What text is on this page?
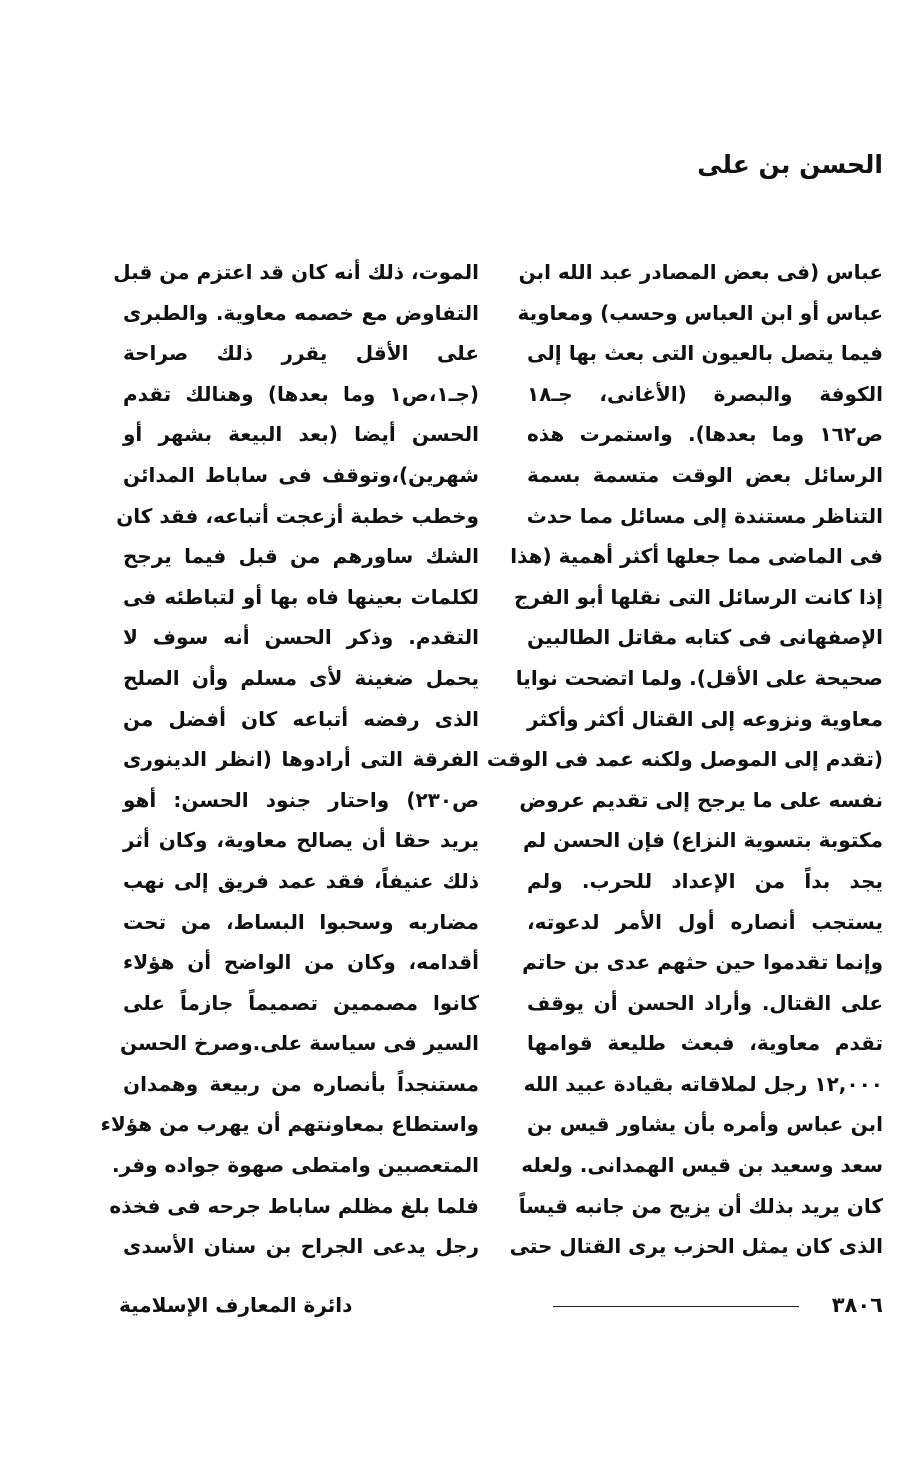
الحسن بن على
عباس (فى بعض المصادر عبد الله ابن
عباس أو ابن العباس وحسب) ومعاوية
فيما يتصل بالعيون التى بعث بها إلى
الكوفة والبصرة (الأغانى، جـ١٨
ص١٦٢ وما بعدها). واستمرت هذه
الرسائل بعض الوقت متسمة بسمة
التناظر مستندة إلى مسائل مما حدث
فى الماضى مما جعلها أكثر أهمية (هذا
إذا كانت الرسائل التى نقلها أبو الفرج
الإصفهانى فى كتابه مقاتل الطالبين
صحيحة على الأقل). ولما اتضحت نوايا
معاوية ونزوعه إلى القتال أكثر وأكثر
(تقدم إلى الموصل ولكنه عمد فى الوقت
نفسه على ما يرجح إلى تقديم عروض
مكتوبة بتسوية النزاع) فإن الحسن لم
يجد بداً من الإعداد للحرب. ولم
يستجب أنصاره أول الأمر لدعوته،
وإنما تقدموا حين حثهم عدى بن حاتم
على القتال. وأراد الحسن أن يوقف
تقدم معاوية، فبعث طليعة قوامها
١٢,٠٠٠ رجل لملاقاته بقيادة عبيد الله
ابن عباس وأمره بأن يشاور قيس بن
سعد وسعيد بن قيس الهمدانى. ولعله
كان يريد بذلك أن يزيح من جانبه قيساً
الذى كان يمثل الحزب يرى القتال حتى
الموت، ذلك أنه كان قد اعتزم من قبل
التفاوض مع خصمه معاوية. والطبرى
على الأقل يقرر ذلك صراحة
(جـ١،ص١ وما بعدها) وهنالك تقدم
الحسن أيضا (بعد البيعة بشهر أو
شهرين)،وتوقف فى ساباط المدائن
وخطب خطبة أزعجت أتباعه، فقد كان
الشك ساورهم من قبل فيما يرجح
لكلمات بعينها فاه بها أو لتباطئه فى
التقدم. وذكر الحسن أنه سوف لا
يحمل ضغينة لأى مسلم وأن الصلح
الذى رفضه أتباعه كان أفضل من
الفرقة التى أرادوها (انظر الدينورى
ص٢٣٠) واحتار جنود الحسن: أهو
يريد حقا أن يصالح معاوية، وكان أثر
ذلك عنيفاً، فقد عمد فريق إلى نهب
مضاربه وسحبوا البساط، من تحت
أقدامه، وكان من الواضح أن هؤلاء
كانوا مصممين تصميماً جازماً على
السير فى سياسة على.وصرخ الحسن
مستنجداً بأنصاره من ربيعة وهمدان
واستطاع بمعاونتهم أن يهرب من هؤلاء
المتعصبين وامتطى صهوة جواده وفر.
فلما بلغ مظلم ساباط جرحه فى فخذه
رجل يدعى الجراح بن سنان الأسدى
٣٨٠٦
دائرة المعارف الإسلامية
